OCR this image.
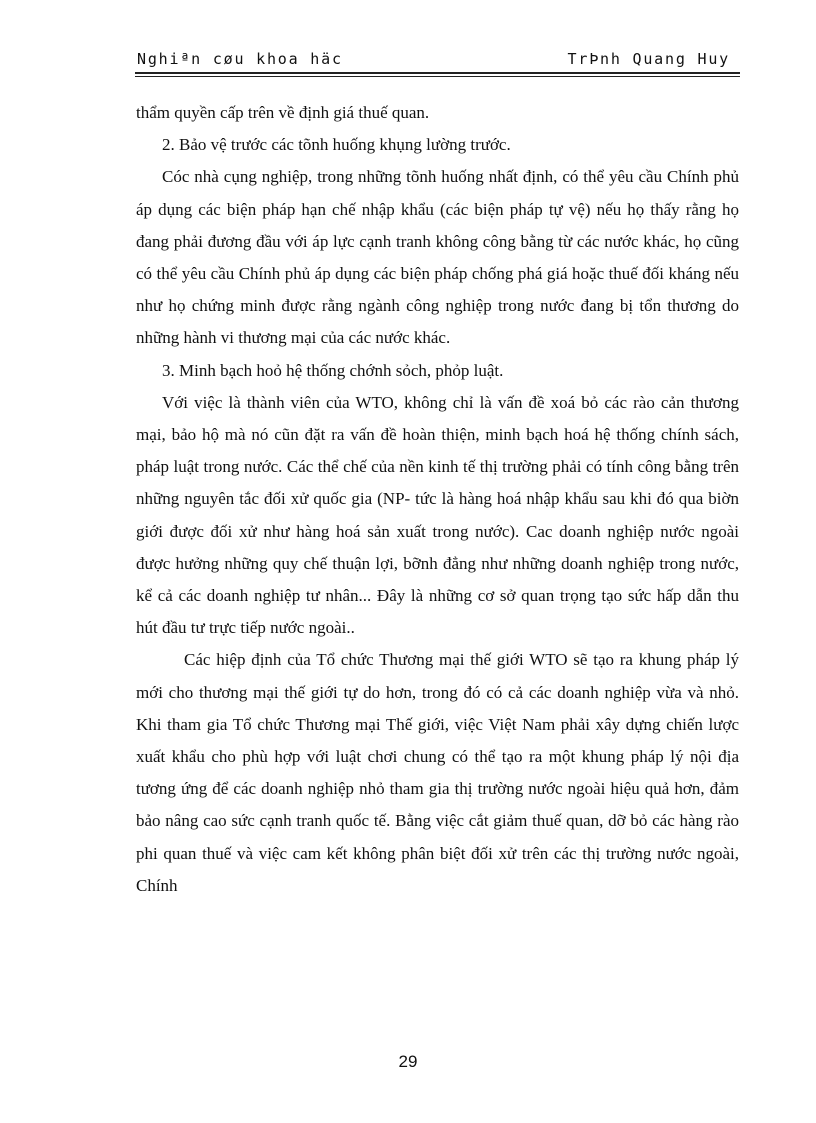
Nghiªn cøu khoa häc	TrÞnh Quang Huy

thẩm quyền cấp trên về định giá thuế quan.

2. Bảo vệ trước các tõnh huống khụng lường trước.

Cóc nhà cụng nghiệp, trong những tõnh huống nhất định, có thể yêu cầu Chính phủ áp dụng các biện pháp hạn chế nhập khẩu (các biện pháp tự vệ) nếu họ thấy rằng họ đang phải đương đầu với áp lực cạnh tranh không công bằng từ các nước khác, họ cũng có thể yêu cầu Chính phủ áp dụng các biện pháp chống phá giá hoặc thuế đối kháng nếu như họ chứng minh được rằng ngành công nghiệp trong nước đang bị tổn thương do những hành vi thương mại của các nước khác.

3. Minh bạch hoỏ hệ thống chớnh sỏch, phỏp luật.

Với việc là thành viên của WTO, không chỉ là vấn đề xoá bỏ các rào cản thương mại, bảo hộ mà nó cũn đặt ra vấn đề hoàn thiện, minh bạch hoá hệ thống chính sách, pháp luật trong nước. Các thể chế của nền kinh tế thị trường phải có tính công bằng trên những nguyên tắc đối xử quốc gia (NP- tức là hàng hoá nhập khẩu sau khi đó qua biờn giới được đối xử như hàng hoá sản xuất trong nước). Cac doanh nghiệp nước ngoài được hưởng những quy chế thuận lợi, bỡnh đẳng như những doanh nghiệp trong nước, kể cả các doanh nghiệp tư nhân... Đây là những cơ sở quan trọng tạo sức hấp dẫn thu hút đầu tư trực tiếp nước ngoài..

Các hiệp định của Tổ chức Thương mại thế giới WTO sẽ tạo ra khung pháp lý mới cho thương mại thế giới tự do hơn, trong đó có cả các doanh nghiệp vừa và nhỏ. Khi tham gia Tổ chức Thương mại Thế giới, việc Việt Nam phải xây dựng chiến lược xuất khẩu cho phù hợp với luật chơi chung có thể tạo ra một khung pháp lý nội địa tương ứng để các doanh nghiệp nhỏ tham gia thị trường nước ngoài hiệu quả hơn, đảm bảo nâng cao sức cạnh tranh quốc tế. Bằng việc cắt giảm thuế quan, dỡ bỏ các hàng rào phi quan thuế và việc cam kết không phân biệt đối xử trên các thị trường nước ngoài, Chính

29
